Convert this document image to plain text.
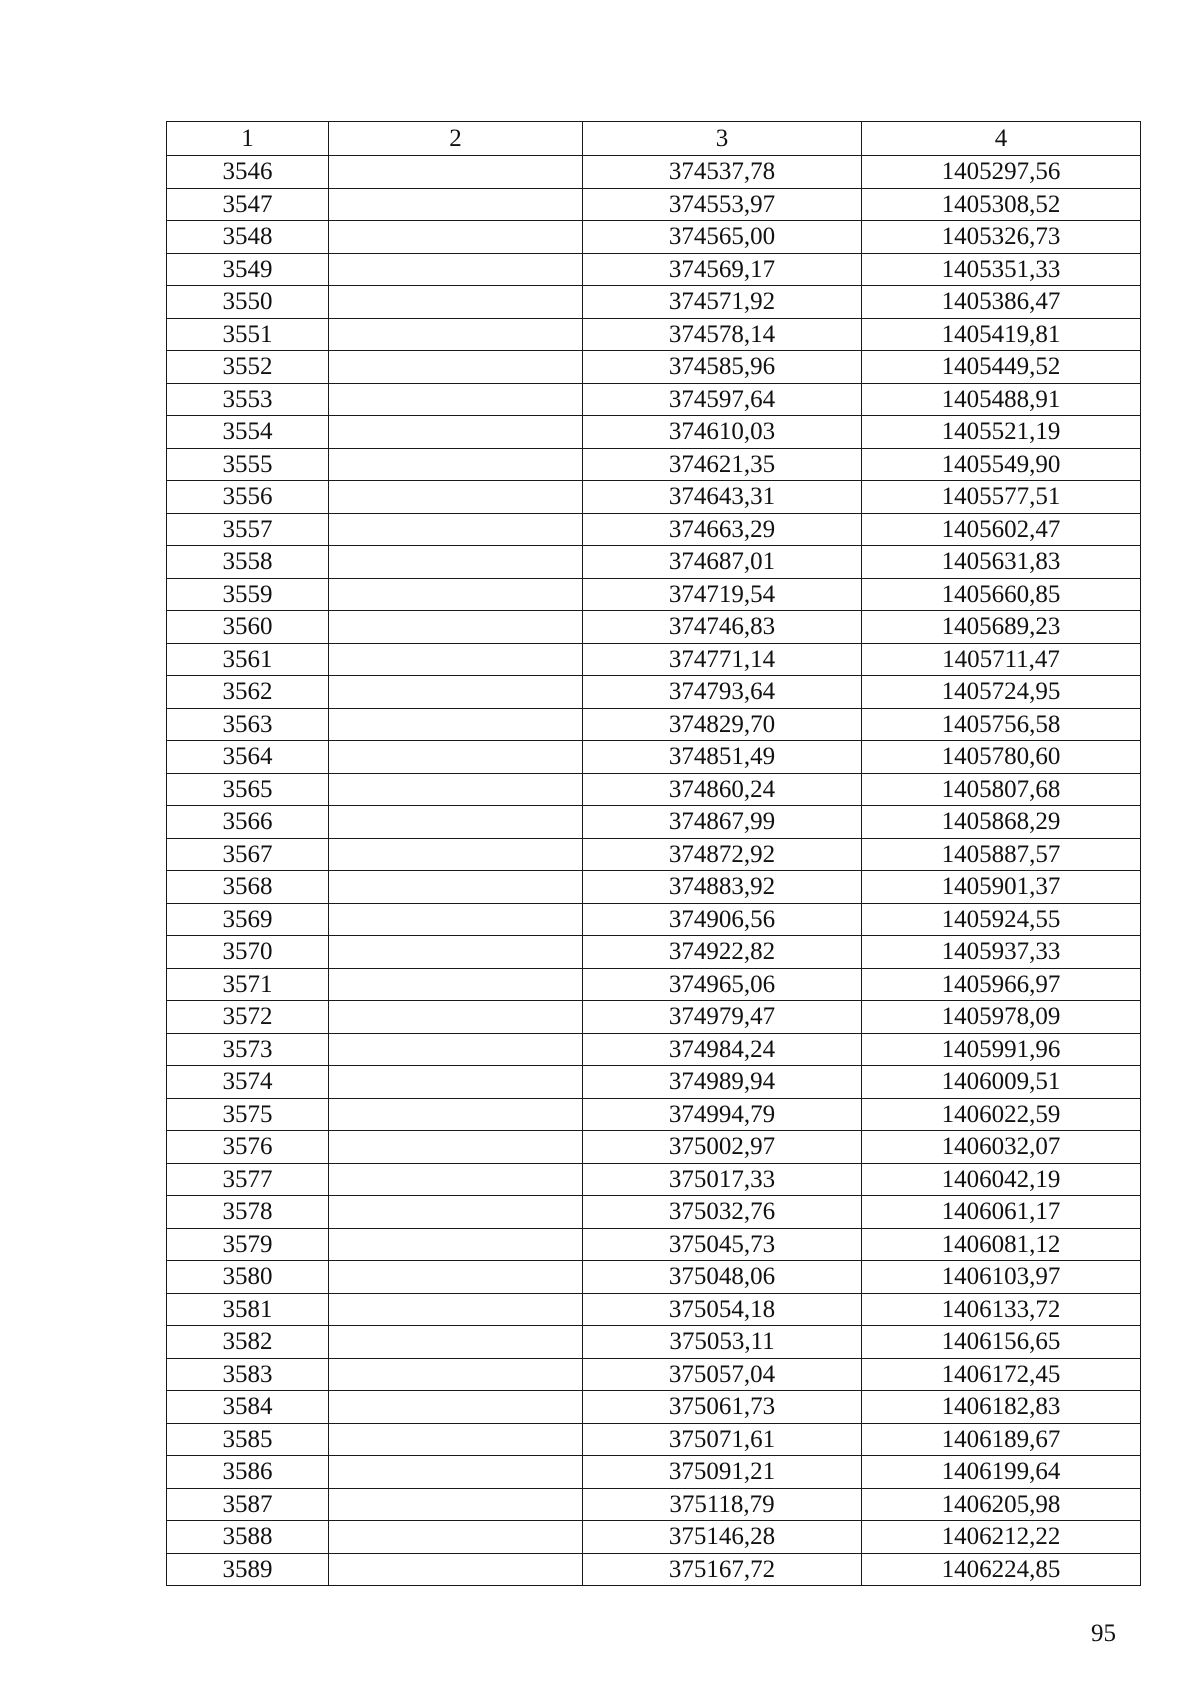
1	2	3	4
3546		374537,78	1405297,56
3547		374553,97	1405308,52
3548		374565,00	1405326,73
3549		374569,17	1405351,33
3550		374571,92	1405386,47
3551		374578,14	1405419,81
3552		374585,96	1405449,52
3553		374597,64	1405488,91
3554		374610,03	1405521,19
3555		374621,35	1405549,90
3556		374643,31	1405577,51
3557		374663,29	1405602,47
3558		374687,01	1405631,83
3559		374719,54	1405660,85
3560		374746,83	1405689,23
3561		374771,14	1405711,47
3562		374793,64	1405724,95
3563		374829,70	1405756,58
3564		374851,49	1405780,60
3565		374860,24	1405807,68
3566		374867,99	1405868,29
3567		374872,92	1405887,57
3568		374883,92	1405901,37
3569		374906,56	1405924,55
3570		374922,82	1405937,33
3571		374965,06	1405966,97
3572		374979,47	1405978,09
3573		374984,24	1405991,96
3574		374989,94	1406009,51
3575		374994,79	1406022,59
3576		375002,97	1406032,07
3577		375017,33	1406042,19
3578		375032,76	1406061,17
3579		375045,73	1406081,12
3580		375048,06	1406103,97
3581		375054,18	1406133,72
3582		375053,11	1406156,65
3583		375057,04	1406172,45
3584		375061,73	1406182,83
3585		375071,61	1406189,67
3586		375091,21	1406199,64
3587		375118,79	1406205,98
3588		375146,28	1406212,22
3589		375167,72	1406224,85
95
